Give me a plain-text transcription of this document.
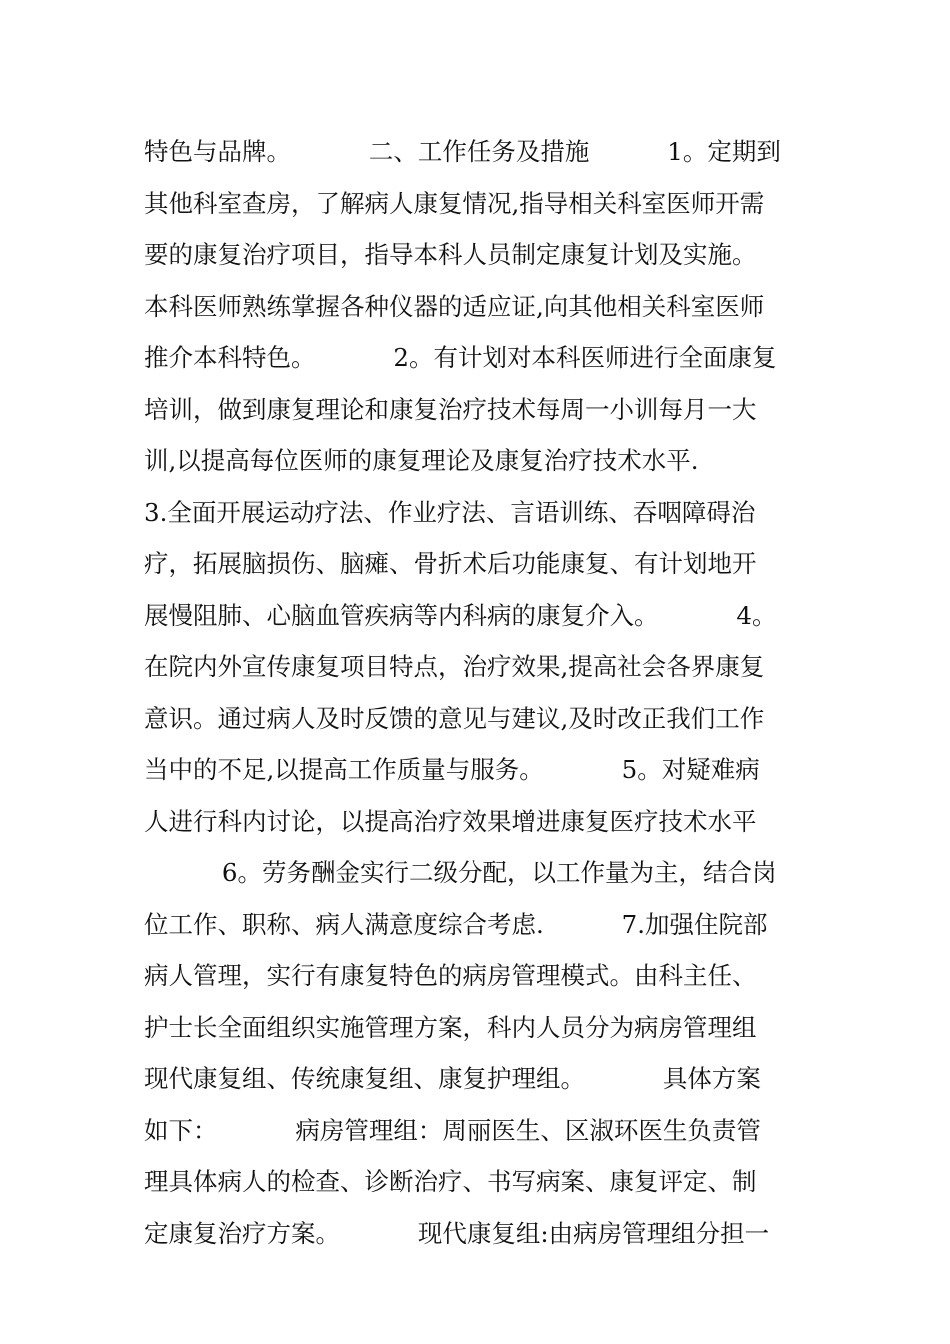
特色与品牌。          二、工作任务及措施          1。定期到
其他科室查房，了解病人康复情况,指导相关科室医师开需
要的康复治疗项目，指导本科人员制定康复计划及实施。
本科医师熟练掌握各种仪器的适应证,向其他相关科室医师
推介本科特色。          2。有计划对本科医师进行全面康复
培训，做到康复理论和康复治疗技术每周一小训每月一大
训,以提高每位医师的康复理论及康复治疗技术水平.
3.全面开展运动疗法、作业疗法、言语训练、吞咽障碍治
疗，拓展脑损伤、脑瘫、骨折术后功能康复、有计划地开
展慢阻肺、心脑血管疾病等内科病的康复介入。          4。
在院内外宣传康复项目特点，治疗效果,提高社会各界康复
意识。通过病人及时反馈的意见与建议,及时改正我们工作
当中的不足,以提高工作质量与服务。          5。对疑难病
人进行科内讨论，以提高治疗效果增进康复医疗技术水平
6。劳务酬金实行二级分配，以工作量为主，结合岗
位工作、职称、病人满意度综合考虑.          7.加强住院部
病人管理，实行有康复特色的病房管理模式。由科主任、
护士长全面组织实施管理方案，科内人员分为病房管理组
现代康复组、传统康复组、康复护理组。          具体方案
如下：          病房管理组：周丽医生、区淑环医生负责管
理具体病人的检查、诊断治疗、书写病案、康复评定、制
定康复治疗方案。          现代康复组:由病房管理组分担一
